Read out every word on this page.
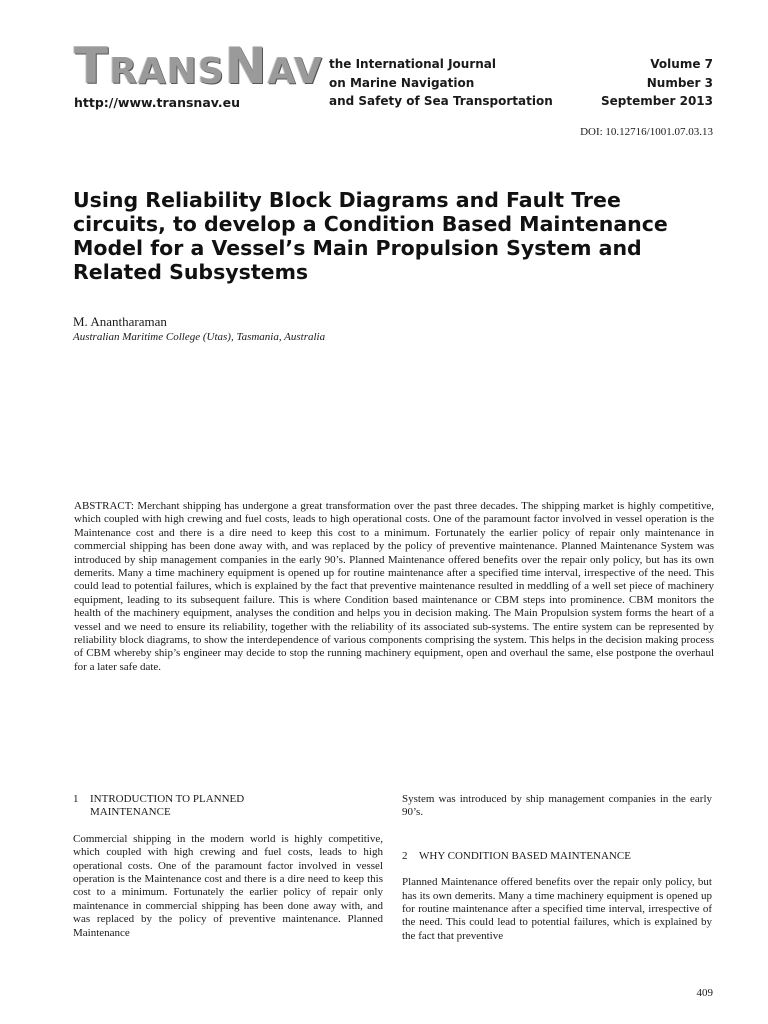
TRANSNAV
http://www.transnav.eu
the International Journal
on Marine Navigation
and Safety of Sea Transportation
Volume 7
Number 3
September 2013
DOI: 10.12716/1001.07.03.13
Using Reliability Block Diagrams and Fault Tree circuits, to develop a Condition Based Maintenance Model for a Vessel’s Main Propulsion System and Related Subsystems
M. Anantharaman
Australian Maritime College (Utas), Tasmania, Australia

ABSTRACT: Merchant shipping has undergone a great transformation over the past three decades. The shipping market is highly competitive, which coupled with high crewing and fuel costs, leads to high operational costs. One of the paramount factor involved in vessel operation is the Maintenance cost and there is a dire need to keep this cost to a minimum. Fortunately the earlier policy of repair only maintenance in commercial shipping has been done away with, and was replaced by the policy of preventive maintenance. Planned Maintenance System was introduced by ship management companies in the early 90’s. Planned Maintenance offered benefits over the repair only policy, but has its own demerits. Many a time machinery equipment is opened up for routine maintenance after a specified time interval, irrespective of the need. This could lead to potential failures, which is explained by the fact that preventive maintenance resulted in meddling of a well set piece of machinery equipment, leading to its subsequent failure. This is where Condition based maintenance or CBM steps into prominence. CBM monitors the health of the machinery equipment, analyses the condition and helps you in decision making. The Main Propulsion system forms the heart of a vessel and we need to ensure its reliability, together with the reliability of its associated sub-systems. The entire system can be represented by reliability block diagrams, to show the interdependence of various components comprising the system. This helps in the decision making process of CBM whereby ship’s engineer may decide to stop the running machinery equipment, open and overhaul the same, else postpone the overhaul for a later safe date.

1 INTRODUCTION TO PLANNED
MAINTENANCE

Commercial shipping in the modern world is highly competitive, which coupled with high crewing and fuel costs, leads to high operational costs. One of the paramount factor involved in vessel operation is the Maintenance cost and there is a dire need to keep this cost to a minimum. Fortunately the earlier policy of repair only maintenance in commercial shipping has been done away with, and was replaced by the policy of preventive maintenance. Planned Maintenance

System was introduced by ship management companies in the early 90’s.

2 WHY CONDITION BASED MAINTENANCE

Planned Maintenance offered benefits over the repair only policy, but has its own demerits. Many a time machinery equipment is opened up for routine maintenance after a specified time interval, irrespective of the need. This could lead to potential failures, which is explained by the fact that preventive

409
